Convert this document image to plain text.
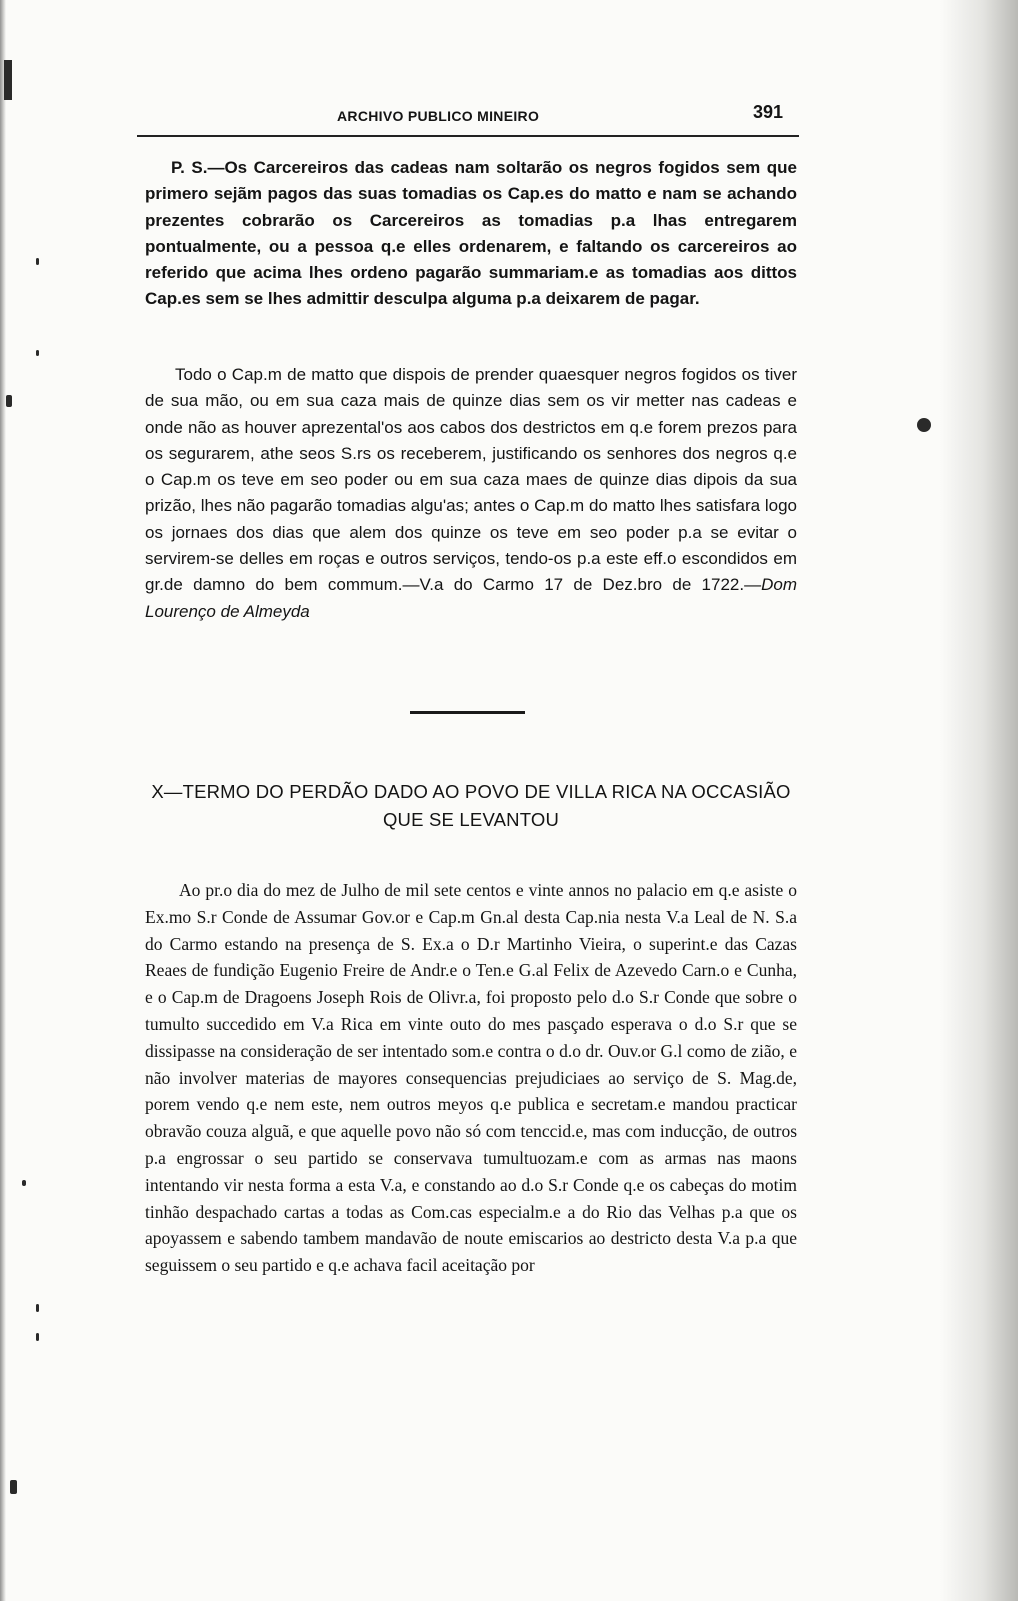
ARCHIVO PUBLICO MINEIRO	391

P. S.—Os Carcereiros das cadeas nam soltarão os negros fogidos sem que primero sejãm pagos das suas tomadias os Cap.es do matto e nam se achando prezentes cobrarão os Carcereiros as tomadias p.a lhas entregarem pontualmente, ou a pessoa q.e elles ordenarem, e faltando os carcereiros ao referido que acima lhes ordeno pagarão summariam.e as tomadias aos dittos Cap.es sem se lhes admittir desculpa alguma p.a deixarem de pagar.

Todo o Cap.m de matto que dispois de prender quaesquer negros fogidos os tiver de sua mão, ou em sua caza mais de quinze dias sem os vir metter nas cadeas e onde não as houver aprezental'os aos cabos dos destrictos em q.e forem prezos para os segurarem, athe seos S.rs os receberem, justificando os senhores dos negros q.e o Cap.m os teve em seo poder ou em sua caza maes de quinze dias dipois da sua prizão, lhes não pagarão tomadias algu'as; antes o Cap.m do matto lhes satisfara logo os jornaes dos dias que alem dos quinze os teve em seo poder p.a se evitar o servirem-se delles em roças e outros serviços, tendo-os p.a este eff.o escondidos em gr.de damno do bem commum.—V.a do Carmo 17 de Dez.bro de 1722.—Dom Lourenço de Almeyda

X—TERMO DO PERDÃO DADO AO POVO DE VILLA RICA NA OCCASIÃO QUE SE LEVANTOU

Ao pr.o dia do mez de Julho de mil sete centos e vinte annos no palacio em q.e asiste o Ex.mo S.r Conde de Assumar Gov.or e Cap.m Gn.al desta Cap.nia nesta V.a Leal de N. S.a do Carmo estando na presença de S. Ex.a o D.r Martinho Vieira, o superint.e das Cazas Reaes de fundição Eugenio Freire de Andr.e o Ten.e G.al Felix de Azevedo Carn.o e Cunha, e o Cap.m de Dragoens Joseph Rois de Olivr.a, foi proposto pelo d.o S.r Conde que sobre o tumulto succedido em V.a Rica em vinte outo do mes pasçado esperava o d.o S.r que se dissipasse na consideração de ser intentado som.e contra o d.o dr. Ouv.or G.l como de zião, e não involver materias de mayores consequencias prejudiciaes ao serviço de S. Mag.de, porem vendo q.e nem este, nem outros meyos q.e publica e secretam.e mandou practicar obravão couza alguã, e que aquelle povo não só com tenccid.e, mas com inducção, de outros p.a engrossar o seu partido se conservava tumultuozam.e com as armas nas maons intentando vir nesta forma a esta V.a, e constando ao d.o S.r Conde q.e os cabeças do motim tinhão despachado cartas a todas as Com.cas especialm.e a do Rio das Velhas p.a que os apoyassem e sabendo tambem mandavão de noute emiscarios ao destricto desta V.a p.a que seguissem o seu partido e q.e achava facil aceitação por
